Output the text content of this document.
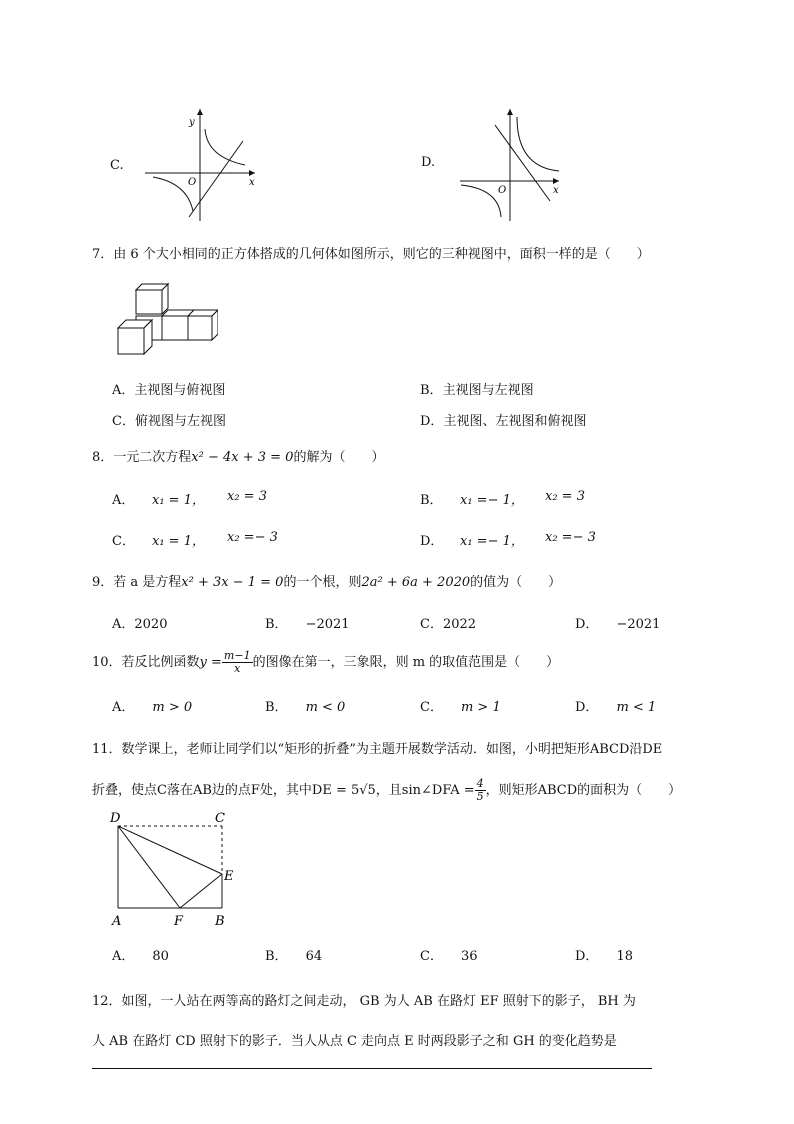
C.
y
x
O
D.
O	x
7．由 6 个大小相同的正方体搭成的几何体如图所示，则它的三种视图中，面积一样的是（　　）
A．主视图与俯视图	B．主视图与左视图
C．俯视图与左视图	D．主视图、左视图和俯视图
8．一元二次方程x² − 4x + 3 = 0的解为（　　）
A． x₁ = 1， x₂ = 3	B． x₁ =− 1， x₂ = 3
C． x₁ = 1， x₂ =− 3	D． x₁ =− 1， x₂ =− 3
9．若 a 是方程x² + 3x − 1 = 0的一个根，则2a² + 6a + 2020的值为（　　）
A．2020	B． −2021	C．2022	D． −2021
10．若反比例函数$y = \frac{m-1}{x}$ 的图像在第一，三象限，则 m 的取值范围是（　　）
A． m > 0	B． m < 0	C． m > 1	D． m < 1
11．数学课上，老师让同学们以“矩形的折叠”为主题开展数学活动．如图，小明把矩形ABCD沿DE
折叠，使点C落在AB边的点F处，其中DE = 5√5，且sin∠DFA = $\frac{4}{5}$ ，则矩形ABCD的面积为（　　）
D	C
E
A	F B
A． 80	B． 64	C． 36	D． 18
12．如图，一人站在两等高的路灯之间走动， GB 为人 AB 在路灯 EF 照射下的影子， BH 为
人 AB 在路灯 CD 照射下的影子．当人从点 C 走向点 E 时两段影子之和 GH 的变化趋势是
